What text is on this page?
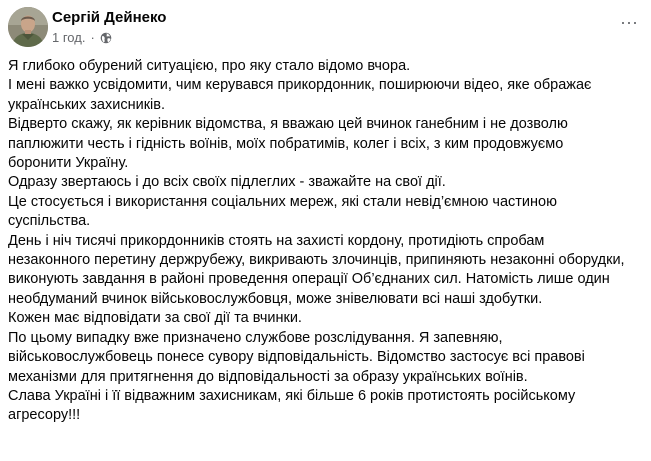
Сергій Дейнеко
1 год. ·
···

Я глибоко обурений ситуацією, про яку стало відомо вчора.

І мені важко усвідомити, чим керувався прикордонник, поширюючи відео, яке ображає українських захисників.

Відверто скажу, як керівник відомства, я вважаю цей вчинок ганебним і не дозволю паплюжити честь і гідність воїнів, моїх побратимів, колег і всіх, з ким продовжуємо боронити Україну.

Одразу звертаюсь і до всіх своїх підлеглих - зважайте на свої дії.

Це стосується і використання соціальних мереж, які стали невід’ємною частиною суспільства.

День і ніч тисячі прикордонників стоять на захисті кордону, протидіють спробам незаконного перетину держрубежу, викривають злочинців, припиняють незаконні оборудки, виконують завдання в районі проведення операції Об’єднаних сил. Натомість лише один необдуманий вчинок військовослужбовця, може знівелювати всі наші здобутки.

Кожен має відповідати за свої дії та вчинки.

По цьому випадку вже призначено службове розслідування. Я запевняю, військовослужбовець понесе сувору відповідальність. Відомство застосує всі правові механізми для притягнення до відповідальності за образу українських воїнів.

Слава Україні і її відважним захисникам, які більше 6 років протистоять російському агресору!!!
